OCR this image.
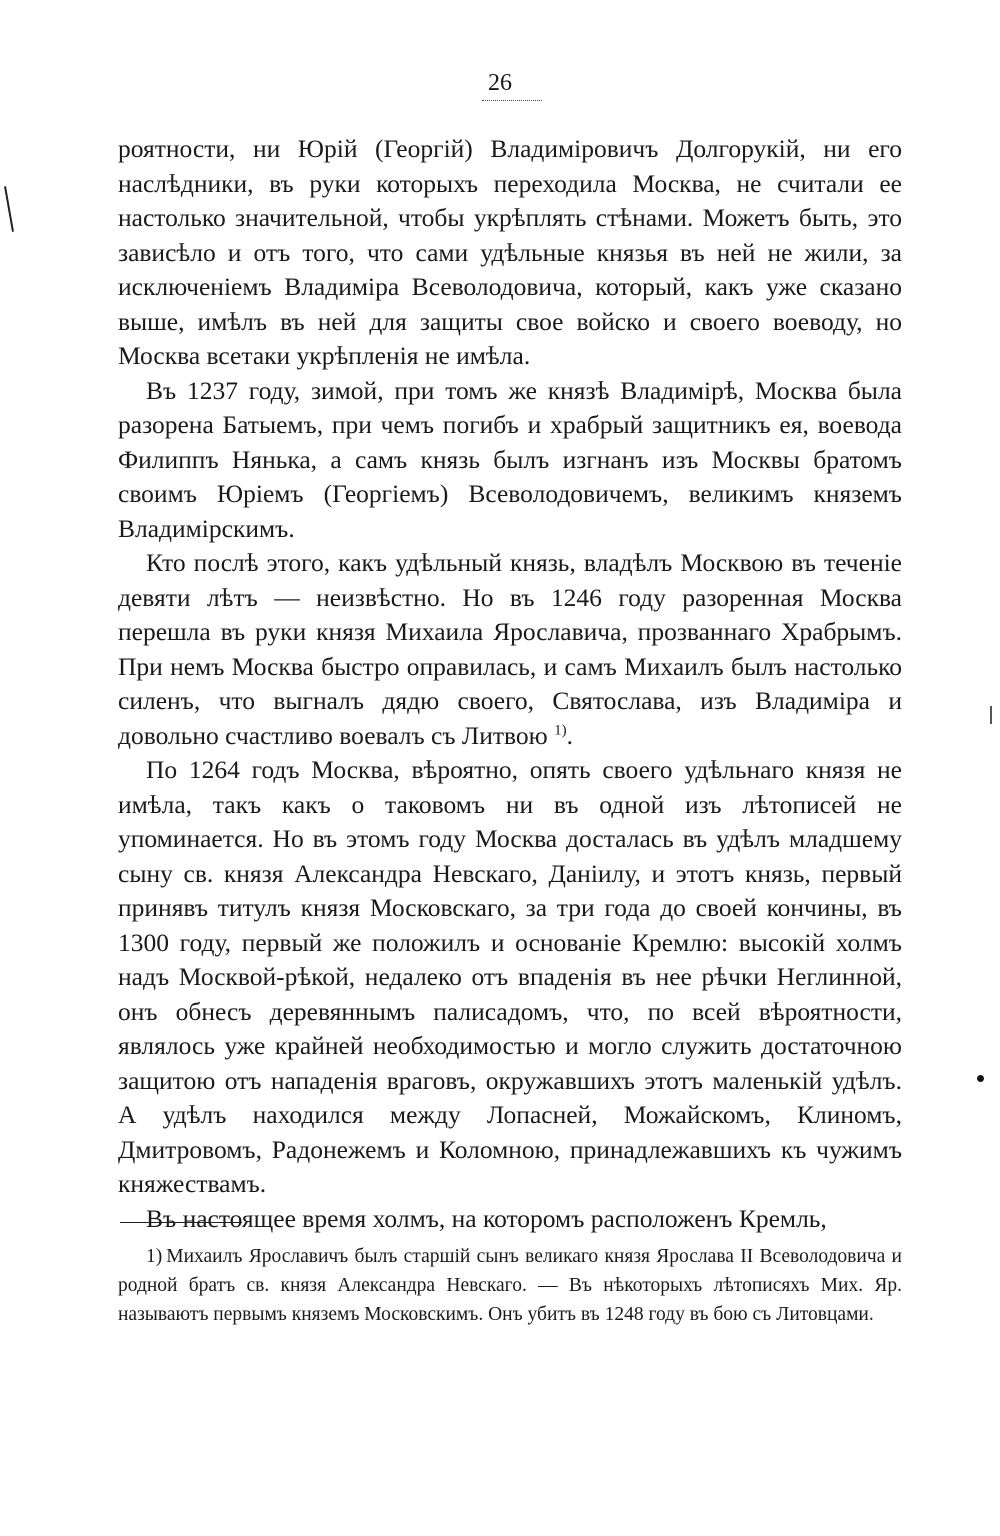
26

роятности, ни Юрій (Георгій) Владиміровичъ Долгорукій, ни его наслѣдники, въ руки которыхъ переходила Москва, не считали ее настолько значительной, чтобы укрѣплять стѣнами. Можетъ быть, это зависѣло и отъ того, что сами удѣльные князья въ ней не жили, за исключеніемъ Владиміра Всеволодовича, который, какъ уже сказано выше, имѣлъ въ ней для защиты свое войско и своего воеводу, но Москва всетаки укрѣпленія не имѣла.

Въ 1237 году, зимой, при томъ же князѣ Владимірѣ, Москва была разорена Батыемъ, при чемъ погибъ и храбрый защитникъ ея, воевода Филиппъ Нянька, а самъ князь былъ изгнанъ изъ Москвы братомъ своимъ Юріемъ (Георгіемъ) Всеволодовичемъ, великимъ княземъ Владимірскимъ.

Кто послѣ этого, какъ удѣльный князь, владѣлъ Москвою въ теченіе девяти лѣтъ — неизвѣстно. Но въ 1246 году разоренная Москва перешла въ руки князя Михаила Ярославича, прозваннаго Храбрымъ. При немъ Москва быстро оправилась, и самъ Михаилъ былъ настолько силенъ, что выгналъ дядю своего, Святослава, изъ Владиміра и довольно счастливо воевалъ съ Литвою $^{1)}$.

По 1264 годъ Москва, вѣроятно, опять своего удѣльнаго князя не имѣла, такъ какъ о таковомъ ни въ одной изъ лѣтописей не упоминается. Но въ этомъ году Москва досталась въ удѣлъ младшему сыну св. князя Александра Невскаго, Даніилу, и этотъ князь, первый принявъ титулъ князя Московскаго, за три года до своей кончины, въ 1300 году, первый же положилъ и основаніе Кремлю: высокій холмъ надъ Москвой-рѣкой, недалеко отъ впаденія въ нее рѣчки Неглинной, онъ обнесъ деревяннымъ палисадомъ, что, по всей вѣроятности, являлось уже крайней необходимостью и могло служить достаточною защитою отъ нападенія враговъ, окружавшихъ этотъ маленькій удѣлъ. А удѣлъ находился между Лопасней, Можайскомъ, Клиномъ, Дмитровомъ, Радонежемъ и Коломною, принадлежавшихъ къ чужимъ княжествамъ.

Въ настоящее время холмъ, на которомъ расположенъ Кремль,

1) Михаилъ Ярославичъ былъ старшій сынъ великаго князя Ярослава II Всеволодовича и родной братъ св. князя Александра Невскаго. — Въ нѣкоторыхъ лѣтописяхъ Мих. Яр. называютъ первымъ княземъ Московскимъ. Онъ убитъ въ 1248 году въ бою съ Литовцами.
